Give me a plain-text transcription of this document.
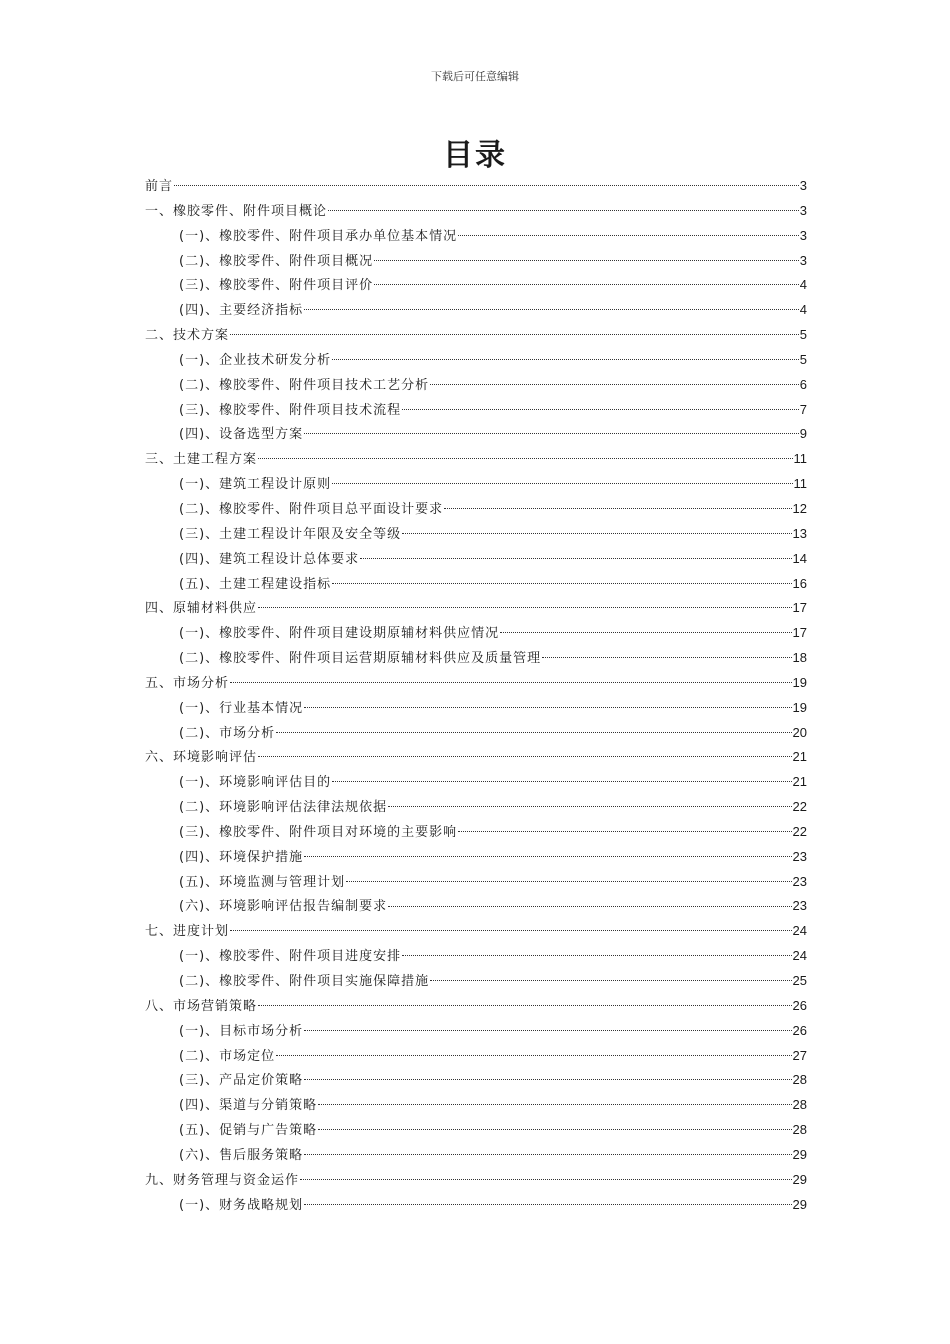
下载后可任意编辑
目录
前言	3
一、橡胶零件、附件项目概论	3
(一)、橡胶零件、附件项目承办单位基本情况	3
(二)、橡胶零件、附件项目概况	3
(三)、橡胶零件、附件项目评价	4
(四)、主要经济指标	4
二、技术方案	5
(一)、企业技术研发分析	5
(二)、橡胶零件、附件项目技术工艺分析	6
(三)、橡胶零件、附件项目技术流程	7
(四)、设备选型方案	9
三、土建工程方案	11
(一)、建筑工程设计原则	11
(二)、橡胶零件、附件项目总平面设计要求	12
(三)、土建工程设计年限及安全等级	13
(四)、建筑工程设计总体要求	14
(五)、土建工程建设指标	16
四、原辅材料供应	17
(一)、橡胶零件、附件项目建设期原辅材料供应情况	17
(二)、橡胶零件、附件项目运营期原辅材料供应及质量管理	18
五、市场分析	19
(一)、行业基本情况	19
(二)、市场分析	20
六、环境影响评估	21
(一)、环境影响评估目的	21
(二)、环境影响评估法律法规依据	22
(三)、橡胶零件、附件项目对环境的主要影响	22
(四)、环境保护措施	23
(五)、环境监测与管理计划	23
(六)、环境影响评估报告编制要求	23
七、进度计划	24
(一)、橡胶零件、附件项目进度安排	24
(二)、橡胶零件、附件项目实施保障措施	25
八、市场营销策略	26
(一)、目标市场分析	26
(二)、市场定位	27
(三)、产品定价策略	28
(四)、渠道与分销策略	28
(五)、促销与广告策略	28
(六)、售后服务策略	29
九、财务管理与资金运作	29
(一)、财务战略规划	29
